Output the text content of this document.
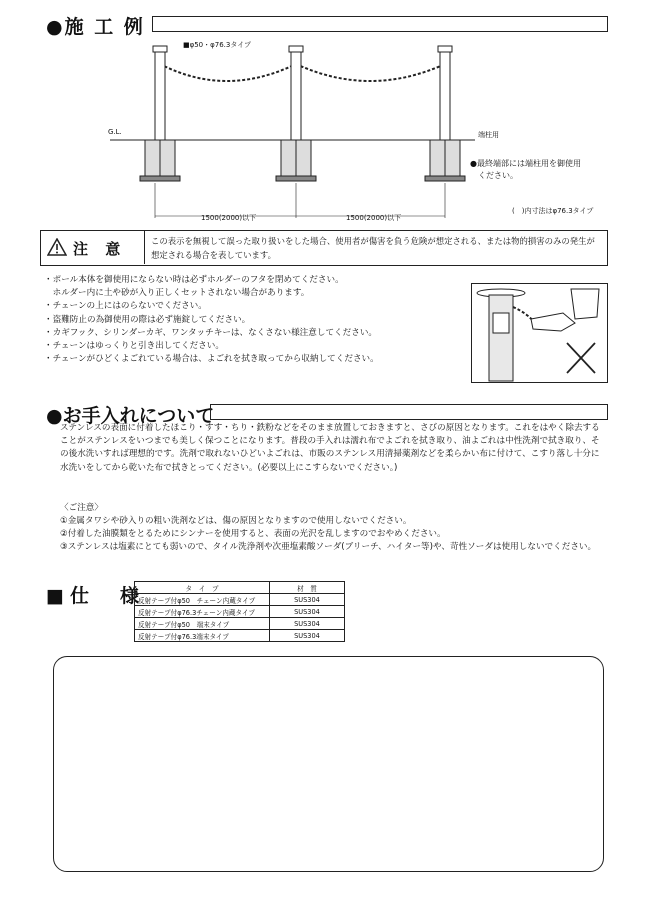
●施 工 例
■φ50・φ76.3タイプ
G.L.	端柱用
●最終端部には端柱用を御使用
　ください。
1500(2000)以下	1500(2000)以下
(　)内寸法はφ76.3タイプ
注 意	この表示を無視して誤った取り扱いをした場合、使用者が傷害を負う危険が想定される、または物的損害のみの発生が想定される場合を表しています。
・ポール本体を御使用にならない時は必ずホルダーのフタを閉めてください。
　ホルダー内に土や砂が入り正しくセットされない場合があります。
・チェーンの上にはのらないでください。
・盗難防止の為御使用の際は必ず施錠してください。
・カギフック、シリンダーカギ、ワンタッチキーは、なくさない様注意してください。
・チェーンはゆっくりと引き出してください。
・チェーンがひどくよごれている場合は、よごれを拭き取ってから収納してください。
●お手入れについて
ステンレスの表面に付着したほこり・すす・ちり・鉄粉などをそのまま放置しておきますと、さびの原因となります。これをはやく除去することがステンレスをいつまでも美しく保つことになります。普段の手入れは濡れ布でよごれを拭き取り、油よごれは中性洗剤で拭き取り、その後水洗いすれば理想的です。洗剤で取れないひどいよごれは、市販のステンレス用清掃薬剤などを柔らかい布に付けて、こすり落し十分に水洗いをしてから乾いた布で拭きとってください。(必要以上にこすらないでください。)
〈ご注意〉
①金属タワシや砂入りの粗い洗剤などは、傷の原因となりますので使用しないでください。
②付着した油膜類をとるためにシンナーを使用すると、表面の光沢を乱しますのでおやめください。
③ステンレスは塩素にとても弱いので、タイル洗浄剤や次亜塩素酸ソーダ(ブリーチ、ハイター等)や、苛性ソーダは使用しないでください。
■仕　様	タ　イ　プ	材　質
反射テープ付φ50　チェーン内蔵タイプ	SUS304
反射テープ付φ76.3チェーン内蔵タイプ	SUS304
反射テープ付φ50　端末タイプ	SUS304
反射テープ付φ76.3端末タイプ	SUS304
